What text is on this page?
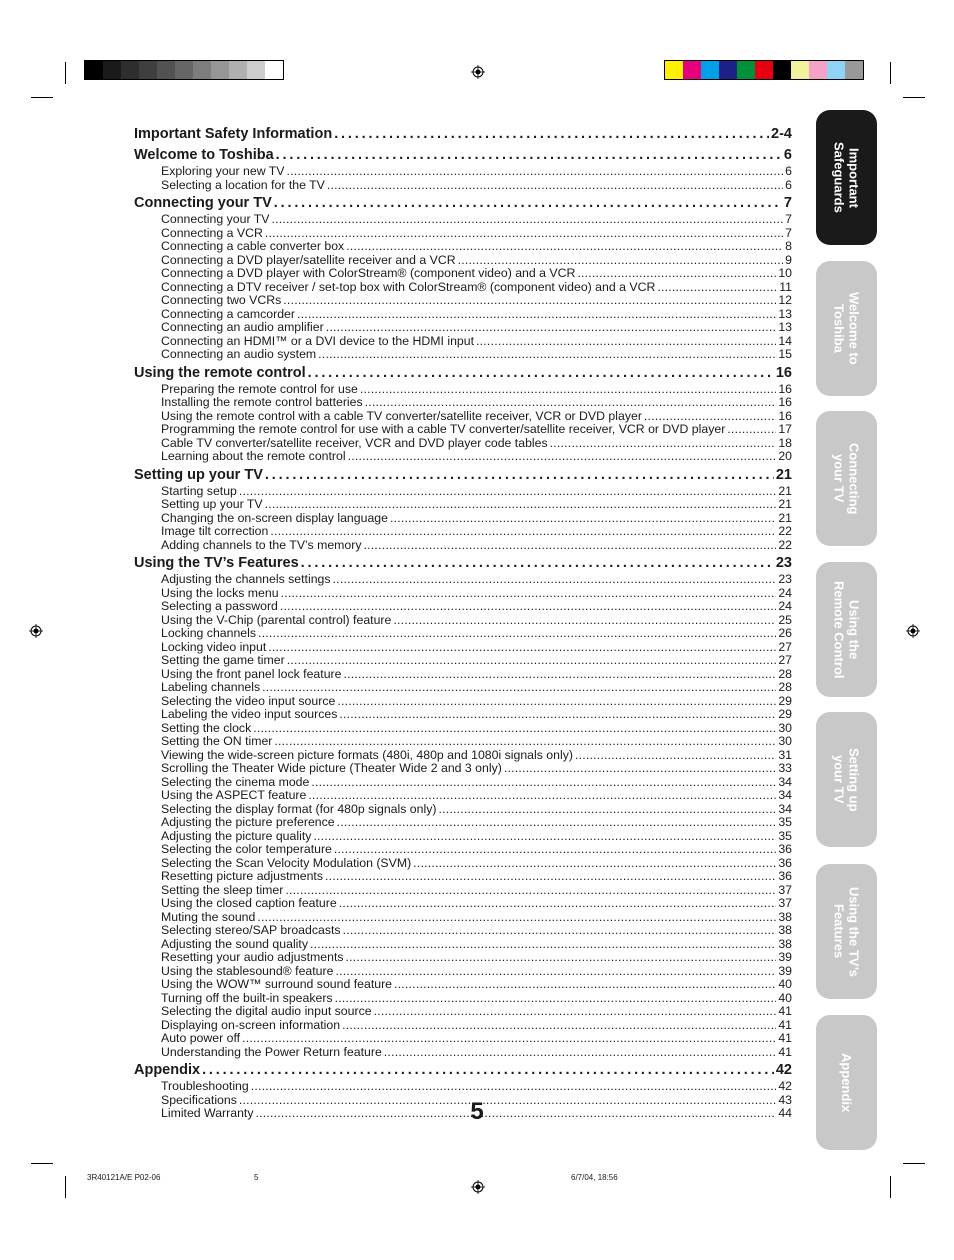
Important Safety Information . . .	2-4
Welcome to Toshiba . . .	6
Exploring your new TV . . .	6
Selecting a location for the TV . . .	6
Connecting your TV . . .	7
Connecting your TV . . .	7
Connecting a VCR . . .	7
Connecting a cable converter box . . .	8
Connecting a DVD player/satellite receiver and a VCR . . .	9
Connecting a DVD player with ColorStream® (component video) and a VCR . . .	10
Connecting a DTV receiver / set-top box with ColorStream® (component video) and a VCR . . .	11
Connecting two VCRs . . .	12
Connecting a camcorder . . .	13
Connecting an audio amplifier . . .	13
Connecting an HDMI™ or a DVI device to the HDMI input . . .	14
Connecting an audio system . . .	15
Using the remote control . . .	16
Preparing the remote control for use . . .	16
Installing the remote control batteries . . .	16
Using the remote control with a cable TV converter/satellite receiver, VCR or DVD player . . .	16
Programming the remote control for use with a cable TV converter/satellite receiver, VCR or DVD player . . .	17
Cable TV converter/satellite receiver, VCR and DVD player code tables . . .	18
Learning about the remote control . . .	20
Setting up your TV . . .	21
Starting setup . . .	21
Setting up your TV . . .	21
Changing the on-screen display language . . .	21
Image tilt correction . . .	22
Adding channels to the TV’s memory . . .	22
Using the TV’s Features . . .	23
Adjusting the channels settings . . .	23
Using the locks menu . . .	24
Selecting a password . . .	24
Using the V-Chip (parental control) feature . . .	25
Locking channels . . .	26
Locking video input . . .	27
Setting the game timer . . .	27
Using the front panel lock feature . . .	28
Labeling channels . . .	28
Selecting the video input source . . .	29
Labeling the video input sources . . .	29
Setting the clock . . .	30
Setting the ON timer . . .	30
Viewing the wide-screen picture formats (480i, 480p and 1080i signals only) . . .	31
Scrolling the Theater Wide picture (Theater Wide 2 and 3 only) . . .	33
Selecting the cinema mode . . .	34
Using the ASPECT feature . . .	34
Selecting the display format (for 480p signals only) . . .	34
Adjusting the picture preference . . .	35
Adjusting the picture quality . . .	35
Selecting the color temperature . . .	36
Selecting the Scan Velocity Modulation (SVM) . . .	36
Resetting picture adjustments . . .	36
Setting the sleep timer . . .	37
Using the closed caption feature . . .	37
Muting the sound . . .	38
Selecting stereo/SAP broadcasts . . .	38
Adjusting the sound quality . . .	38
Resetting your audio adjustments . . .	39
Using the stablesound® feature . . .	39
Using the WOW™ surround sound feature . . .	40
Turning off the built-in speakers . . .	40
Selecting the digital audio input source . . .	41
Displaying on-screen information . . .	41
Auto power off . . .	41
Understanding the Power Return feature . . .	41
Appendix . . .	42
Troubleshooting . . .	42
Specifications . . .	43
Limited Warranty . . .	44
5
Important
Safeguards
Welcome to
Toshiba
Connecting
your TV
Using the
Remote Control
Setting up
your TV
Using the TV’s
Features
Appendix
3R40121A/E P02-06	5	6/7/04, 18:56
